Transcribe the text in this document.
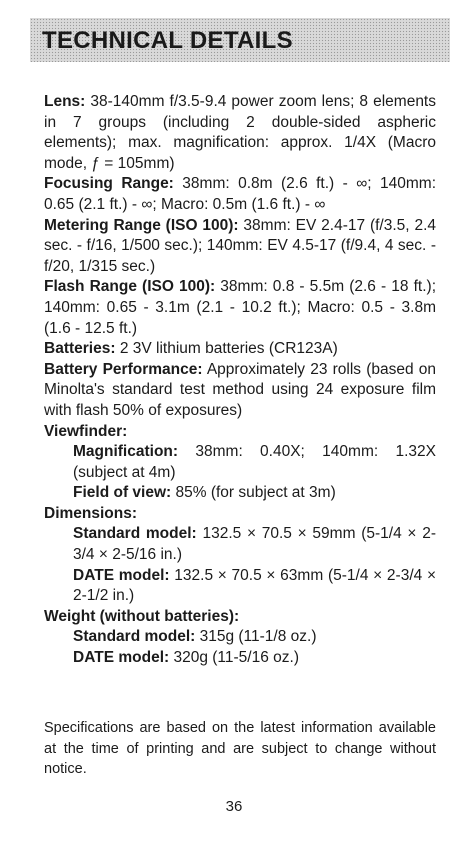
TECHNICAL DETAILS

Lens: 38-140mm f/3.5-9.4 power zoom lens; 8 elements in 7 groups (including 2 double-sided aspheric elements); max. magnification: approx. 1/4X (Macro mode, ƒ = 105mm)

Focusing Range: 38mm: 0.8m (2.6 ft.) - ∞; 140mm: 0.65 (2.1 ft.) - ∞; Macro: 0.5m (1.6 ft.) - ∞

Metering Range (ISO 100): 38mm: EV 2.4-17 (f/3.5, 2.4 sec. - f/16, 1/500 sec.); 140mm: EV 4.5-17 (f/9.4, 4 sec. - f/20, 1/315 sec.)

Flash Range (ISO 100): 38mm: 0.8 - 5.5m (2.6 - 18 ft.); 140mm: 0.65 - 3.1m (2.1 - 10.2 ft.); Macro: 0.5 - 3.8m (1.6 - 12.5 ft.)

Batteries: 2 3V lithium batteries (CR123A)

Battery Performance: Approximately 23 rolls (based on Minolta's standard test method using 24 exposure film with flash 50% of exposures)

Viewfinder:

Magnification: 38mm: 0.40X; 140mm: 1.32X (subject at 4m)

Field of view: 85% (for subject at 3m)

Dimensions:

Standard model: 132.5 × 70.5 × 59mm (5-1/4 × 2-3/4 × 2-5/16 in.)

DATE model: 132.5 × 70.5 × 63mm (5-1/4 × 2-3/4 × 2-1/2 in.)

Weight (without batteries):

Standard model: 315g (11-1/8 oz.)

DATE model: 320g (11-5/16 oz.)

Specifications are based on the latest information available at the time of printing and are subject to change without notice.

36
